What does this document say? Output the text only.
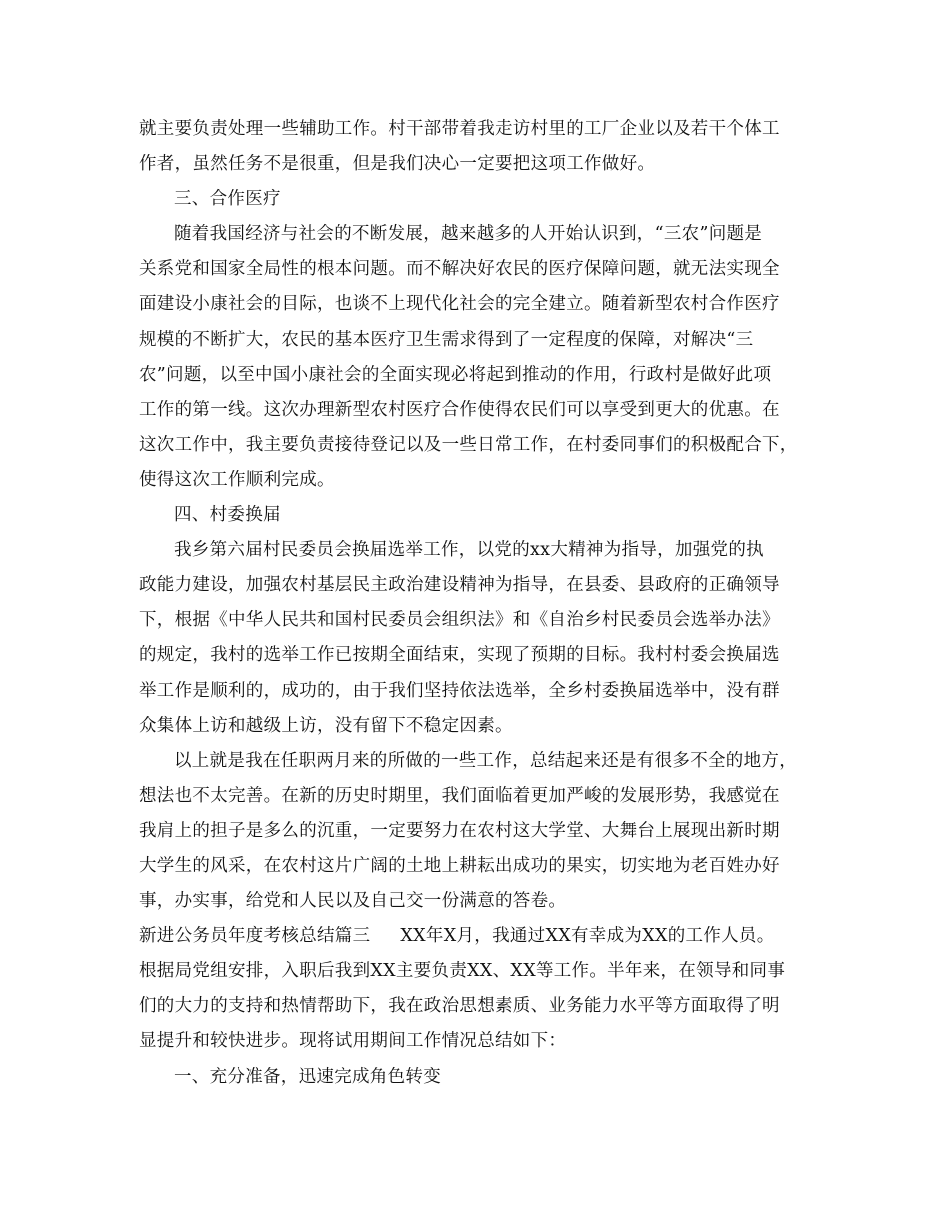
就主要负责处理一些辅助工作。村干部带着我走访村里的工厂企业以及若干个体工
作者，虽然任务不是很重，但是我们决心一定要把这项工作做好。
三、合作医疗
随着我国经济与社会的不断发展，越来越多的人开始认识到，“三农”问题是
关系党和国家全局性的根本问题。而不解决好农民的医疗保障问题，就无法实现全
面建设小康社会的目际，也谈不上现代化社会的完全建立。随着新型农村合作医疗
规模的不断扩大，农民的基本医疗卫生需求得到了一定程度的保障，对解决“三
农”问题，以至中国小康社会的全面实现必将起到推动的作用，行政村是做好此项
工作的第一线。这次办理新型农村医疗合作使得农民们可以享受到更大的优惠。在
这次工作中，我主要负责接待登记以及一些日常工作，在村委同事们的积极配合下，
使得这次工作顺利完成。
四、村委换届
我乡第六届村民委员会换届选举工作，以党的xx大精神为指导，加强党的执
政能力建设，加强农村基层民主政治建设精神为指导，在县委、县政府的正确领导
下，根据《中华人民共和国村民委员会组织法》和《自治乡村民委员会选举办法》
的规定，我村的选举工作已按期全面结束，实现了预期的目标。我村村委会换届选
举工作是顺利的，成功的，由于我们坚持依法选举，全乡村委换届选举中，没有群
众集体上访和越级上访，没有留下不稳定因素。
以上就是我在任职两月来的所做的一些工作，总结起来还是有很多不全的地方，
想法也不太完善。在新的历史时期里，我们面临着更加严峻的发展形势，我感觉在
我肩上的担子是多么的沉重，一定要努力在农村这大学堂、大舞台上展现出新时期
大学生的风采，在农村这片广阔的土地上耕耘出成功的果实，切实地为老百姓办好
事，办实事，给党和人民以及自己交一份满意的答卷。
新进公务员年度考核总结篇三 XX年X月，我通过XX有幸成为XX的工作人员。
根据局党组安排，入职后我到XX主要负责XX、XX等工作。半年来，在领导和同事
们的大力的支持和热情帮助下，我在政治思想素质、业务能力水平等方面取得了明
显提升和较快进步。现将试用期间工作情况总结如下：
一、充分准备，迅速完成角色转变
